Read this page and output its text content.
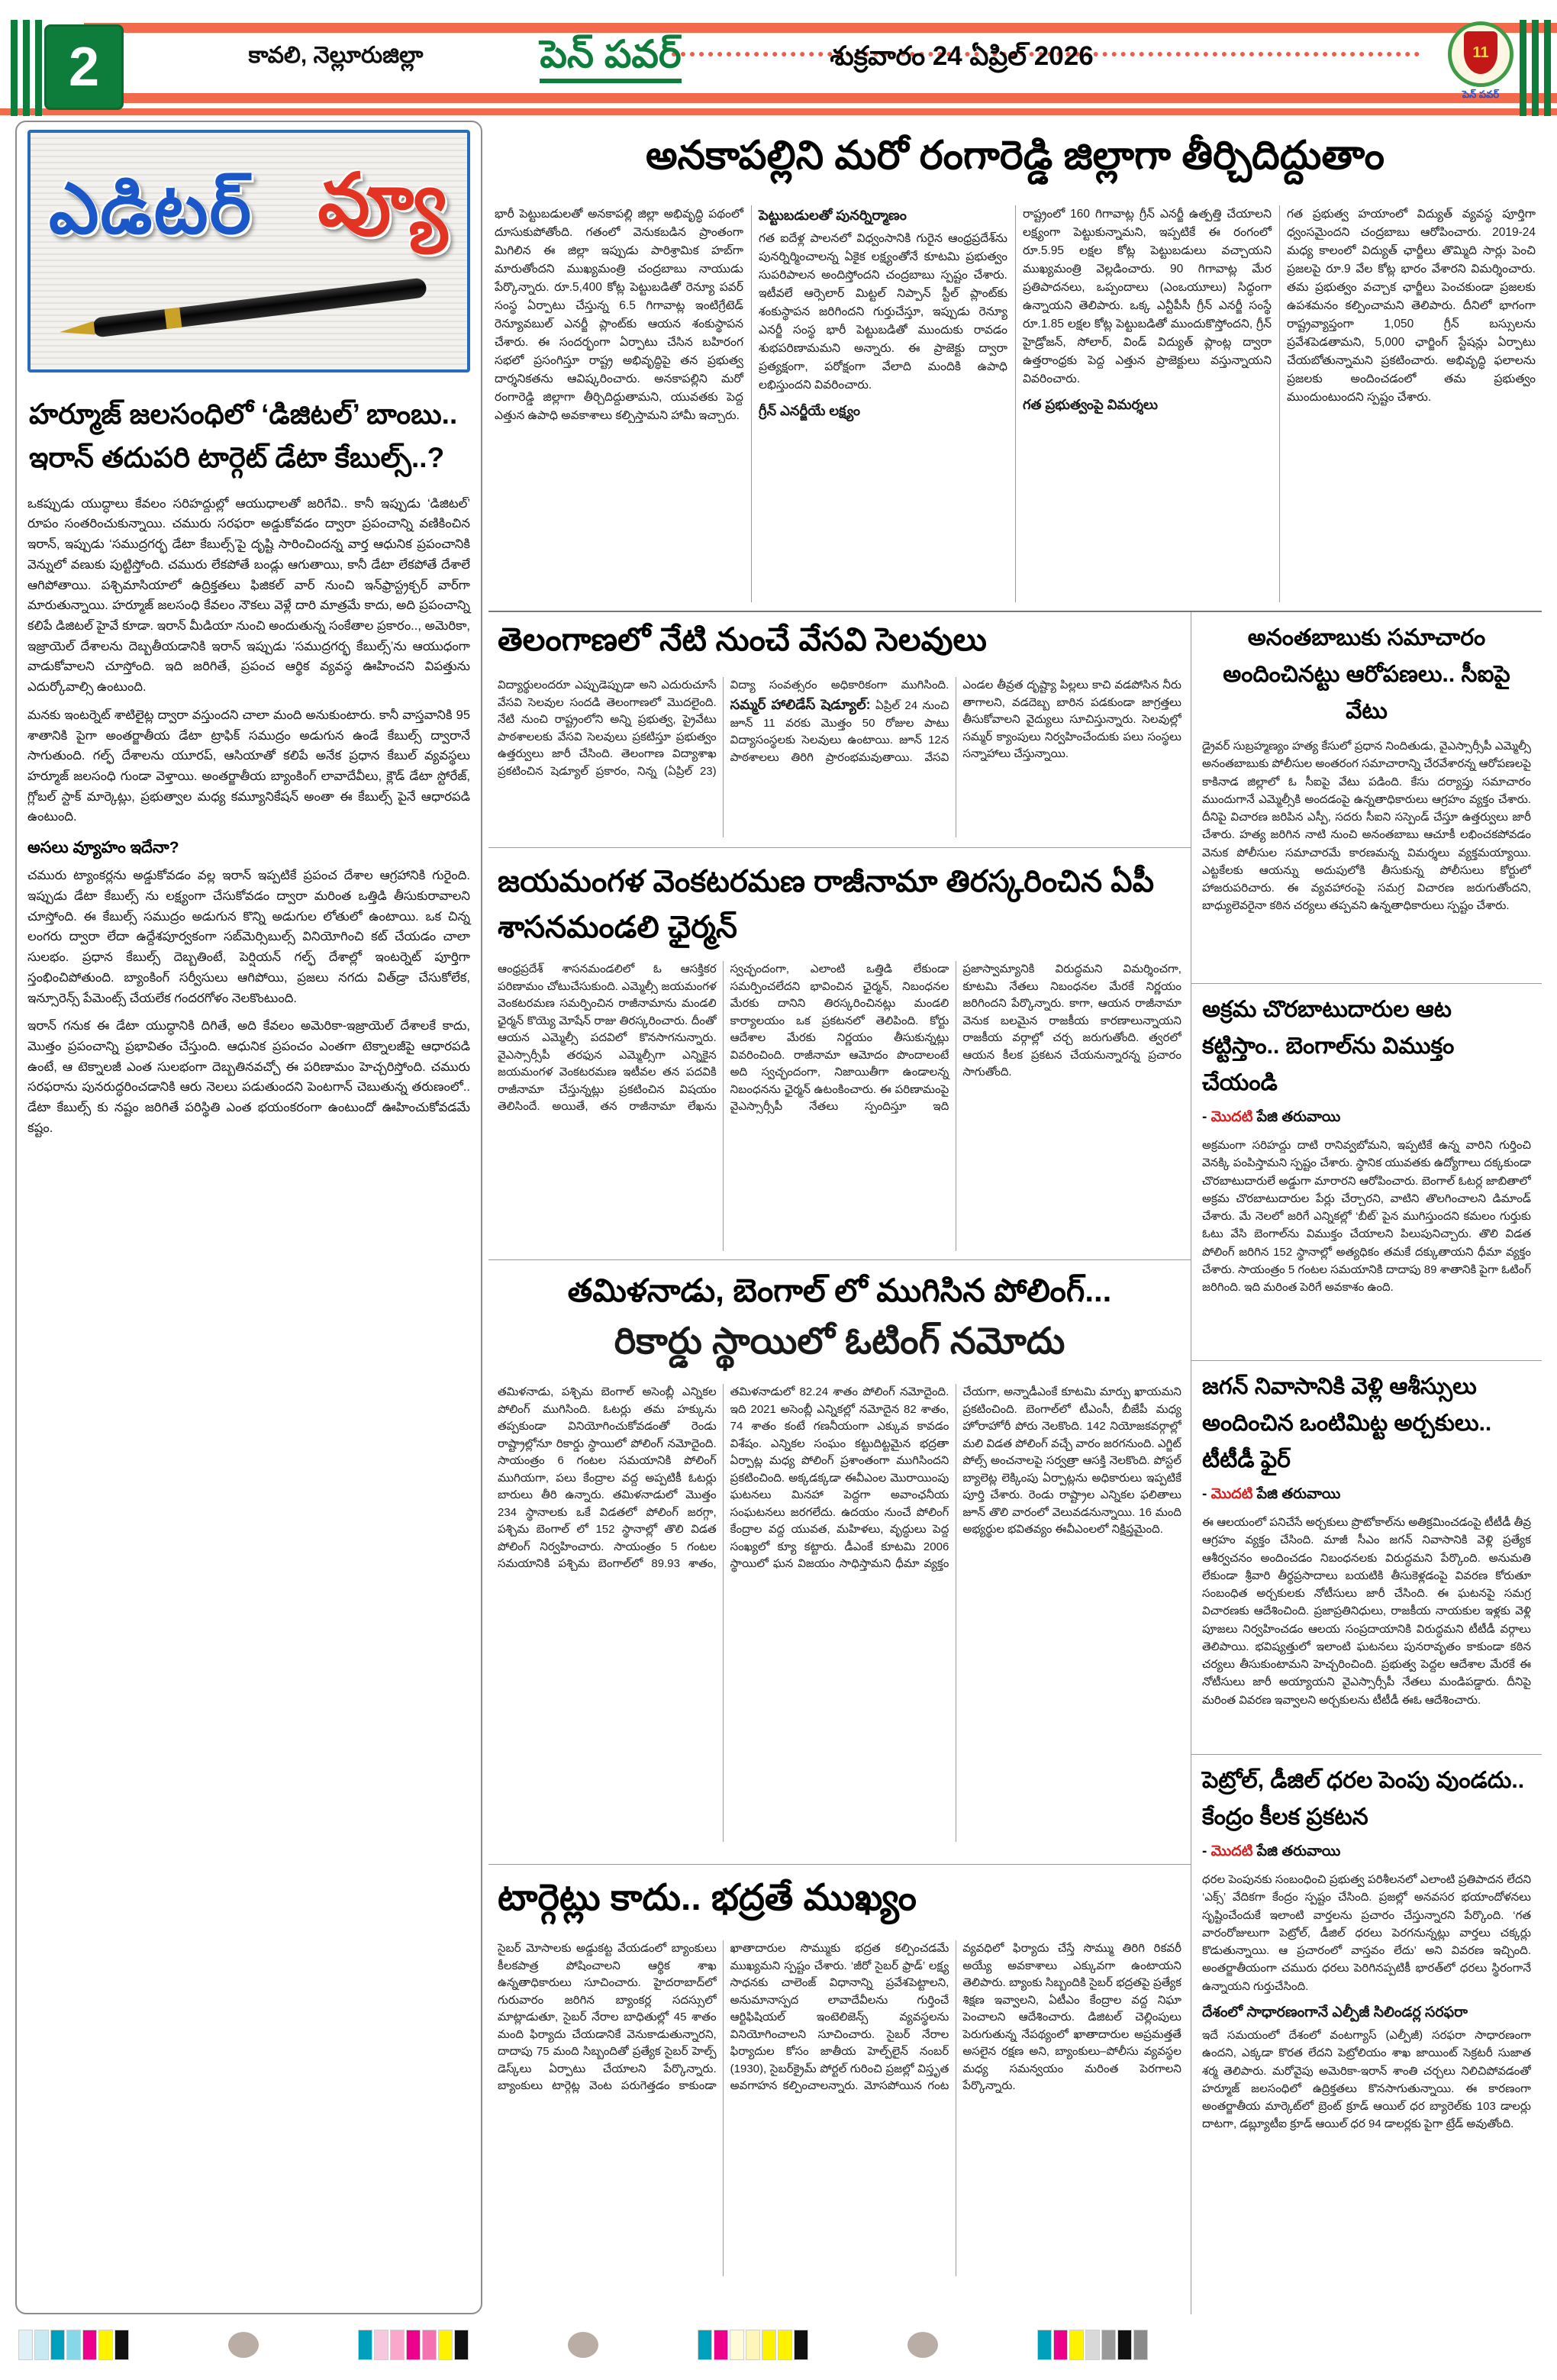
2	కావలి, నెల్లూరుజిల్లా	పెన్ పవర్	శుక్రవారం 24 ఏప్రిల్ 2026	11
పెన్ పవర్
ఎడిటర్ వ్యూ
హర్మూజ్ జలసంధిలో ‘డిజిటల్’ బాంబు.. ఇరాన్ తదుపరి టార్గెట్ డేటా కేబుల్స్..?

ఒకప్పుడు యుద్ధాలు కేవలం సరిహద్దుల్లో ఆయుధాలతో జరిగేవి.. కానీ ఇప్పుడు ‘డిజిటల్’ రూపం సంతరించుకున్నాయి. చమురు సరఫరా అడ్డుకోవడం ద్వారా ప్రపంచాన్ని వణికించిన ఇరాన్, ఇప్పుడు ‘సముద్రగర్భ డేటా కేబుల్స్’పై దృష్టి సారించిందన్న వార్త ఆధునిక ప్రపంచానికి వెన్నులో వణుకు పుట్టిస్తోంది. చమురు లేకపోతే బండ్లు ఆగుతాయి, కానీ డేటా లేకపోతే దేశాలే ఆగిపోతాయి. పశ్చిమాసియాలో ఉద్రిక్తతలు ఫిజికల్ వార్ నుంచి ఇన్‌ఫ్రాస్ట్రక్చర్ వార్‌గా మారుతున్నాయి. హర్మూజ్ జలసంధి కేవలం నౌకలు వెళ్లే దారి మాత్రమే కాదు, అది ప్రపంచాన్ని కలిపే డిజిటల్ హైవే కూడా. ఇరాన్ మీడియా నుంచి అందుతున్న సంకేతాల ప్రకారం.., అమెరికా, ఇజ్రాయెల్ దేశాలను దెబ్బతీయడానికి ఇరాన్ ఇప్పుడు ‘సముద్రగర్భ కేబుల్స్’ను ఆయుధంగా వాడుకోవాలని చూస్తోంది. ఇది జరిగితే, ప్రపంచ ఆర్థిక వ్యవస్థ ఊహించని విపత్తును ఎదుర్కోవాల్సి ఉంటుంది.

మనకు ఇంటర్నెట్ శాటిలైట్ల ద్వారా వస్తుందని చాలా మంది అనుకుంటారు. కానీ వాస్తవానికి 95 శాతానికి పైగా అంతర్జాతీయ డేటా ట్రాఫిక్ సముద్రం అడుగున ఉండే కేబుల్స్ ద్వారానే సాగుతుంది. గల్ఫ్ దేశాలను యూరప్, ఆసియాతో కలిపే అనేక ప్రధాన కేబుల్ వ్యవస్థలు హర్మూజ్ జలసంధి గుండా వెళ్తాయి. అంతర్జాతీయ బ్యాంకింగ్ లావాదేవీలు, క్లౌడ్ డేటా స్టోరేజ్, గ్లోబల్ స్టాక్ మార్కెట్లు, ప్రభుత్వాల మధ్య కమ్యూనికేషన్ అంతా ఈ కేబుల్స్ పైనే ఆధారపడి ఉంటుంది.

అసలు వ్యూహం ఇదేనా?

చమురు ట్యాంకర్లను అడ్డుకోవడం వల్ల ఇరాన్ ఇప్పటికే ప్రపంచ దేశాల ఆగ్రహానికి గురైంది. ఇప్పుడు డేటా కేబుల్స్ ను లక్ష్యంగా చేసుకోవడం ద్వారా మరింత ఒత్తిడి తీసుకురావాలని చూస్తోంది. ఈ కేబుల్స్ సముద్రం అడుగున కొన్ని అడుగుల లోతులో ఉంటాయి. ఒక చిన్న లంగరు ద్వారా లేదా ఉద్దేశపూర్వకంగా సబ్‌మెర్సిబుల్స్ వినియోగించి కట్ చేయడం చాలా సులభం. ప్రధాన కేబుల్స్ దెబ్బతింటే, పెర్షియన్ గల్ఫ్ దేశాల్లో ఇంటర్నెట్ పూర్తిగా స్తంభించిపోతుంది. బ్యాంకింగ్ సర్వీసులు ఆగిపోయి, ప్రజలు నగదు విత్‌డ్రా చేసుకోలేక, ఇన్సూరెన్స్ పేమెంట్స్ చేయలేక గందరగోళం నెలకొంటుంది.

ఇరాన్ గనుక ఈ డేటా యుద్ధానికి దిగితే, అది కేవలం అమెరికా-ఇజ్రాయెల్ దేశాలకే కాదు, మొత్తం ప్రపంచాన్ని ప్రభావితం చేస్తుంది. ఆధునిక ప్రపంచం ఎంతగా టెక్నాలజీపై ఆధారపడి ఉంటే, ఆ టెక్నాలజీ ఎంత సులభంగా దెబ్బతినవచ్చో ఈ పరిణామం హెచ్చరిస్తోంది. చమురు సరఫరాను పునరుద్ధరించడానికి ఆరు నెలలు పడుతుందని పెంటగాన్ చెబుతున్న తరుణంలో.. డేటా కేబుల్స్ కు నష్టం జరిగితే పరిస్థితి ఎంత భయంకరంగా ఉంటుందో ఊహించుకోవడమే కష్టం.

అనకాపల్లిని మరో రంగారెడ్డి జిల్లాగా తీర్చిదిద్దుతాం
భారీ పెట్టుబడులతో అనకాపల్లి జిల్లా అభివృద్ధి పథంలో దూసుకుపోతోంది. గతంలో వెనుకబడిన ప్రాంతంగా మిగిలిన ఈ జిల్లా ఇప్పుడు పారిశ్రామిక హబ్‌గా మారుతోందని ముఖ్యమంత్రి చంద్రబాబు నాయుడు పేర్కొన్నారు. రూ.5,400 కోట్ల పెట్టుబడితో రెన్యూ పవర్ సంస్థ ఏర్పాటు చేస్తున్న 6.5 గిగావాట్ల ఇంటిగ్రేటెడ్ రెన్యూవబుల్ ఎనర్జీ ప్లాంట్‌కు ఆయన శంకుస్థాపన చేశారు. ఈ సందర్భంగా ఏర్పాటు చేసిన బహిరంగ సభలో ప్రసంగిస్తూ రాష్ట్ర అభివృద్ధిపై తన ప్రభుత్వ దార్శనికతను ఆవిష్కరించారు. అనకాపల్లిని మరో రంగారెడ్డి జిల్లాగా తీర్చిదిద్దుతామని, యువతకు పెద్ద ఎత్తున ఉపాధి అవకాశాలు కల్పిస్తామని హామీ ఇచ్చారు.
పెట్టుబడులతో పునర్నిర్మాణం
గత ఐదేళ్ల పాలనలో విధ్వంసానికి గురైన ఆంధ్రప్రదేశ్‌ను పునర్నిర్మించాలన్న ఏకైక లక్ష్యంతోనే కూటమి ప్రభుత్వం సుపరిపాలన అందిస్తోందని చంద్రబాబు స్పష్టం చేశారు. ఇటీవలే ఆర్సెలార్ మిట్టల్ నిప్పాన్ స్టీల్ ప్లాంట్‌కు శంకుస్థాపన జరిగిందని గుర్తుచేస్తూ, ఇప్పుడు రెన్యూ ఎనర్జీ సంస్థ భారీ పెట్టుబడితో ముందుకు రావడం శుభపరిణామమని అన్నారు. ఈ ప్రాజెక్టు ద్వారా ప్రత్యక్షంగా, పరోక్షంగా వేలాది మందికి ఉపాధి లభిస్తుందని వివరించారు.
గ్రీన్ ఎనర్జీయే లక్ష్యం
రాష్ట్రంలో 160 గిగావాట్ల గ్రీన్ ఎనర్జీ ఉత్పత్తి చేయాలని లక్ష్యంగా పెట్టుకున్నామని, ఇప్పటికే ఈ రంగంలో రూ.5.95 లక్షల కోట్ల పెట్టుబడులు వచ్చాయని ముఖ్యమంత్రి వెల్లడించారు. 90 గిగావాట్ల మేర ప్రతిపాదనలు, ఒప్పందాలు (ఎంఒయూలు) సిద్ధంగా ఉన్నాయని తెలిపారు. ఒక్క ఎన్టీపీసీ గ్రీన్ ఎనర్జీ సంస్థే రూ.1.85 లక్షల కోట్ల పెట్టుబడితో ముందుకొస్తోందని, గ్రీన్ హైడ్రోజన్, సోలార్, విండ్ విద్యుత్ ప్లాంట్ల ద్వారా ఉత్తరాంధ్రకు పెద్ద ఎత్తున ప్రాజెక్టులు వస్తున్నాయని వివరించారు.
గత ప్రభుత్వంపై విమర్శలు
గత ప్రభుత్వ హయాంలో విద్యుత్ వ్యవస్థ పూర్తిగా ధ్వంసమైందని చంద్రబాబు ఆరోపించారు. 2019-24 మధ్య కాలంలో విద్యుత్ ఛార్జీలు తొమ్మిది సార్లు పెంచి ప్రజలపై రూ.9 వేల కోట్ల భారం వేశారని విమర్శించారు. తమ ప్రభుత్వం వచ్చాక ఛార్జీలు పెంచకుండా ప్రజలకు ఉపశమనం కల్పించామని తెలిపారు. దీనిలో భాగంగా రాష్ట్రవ్యాప్తంగా 1,050 గ్రీన్ బస్సులను ప్రవేశపెడతామని, 5,000 ఛార్జింగ్ స్టేషన్లు ఏర్పాటు చేయబోతున్నామని ప్రకటించారు. అభివృద్ధి ఫలాలను ప్రజలకు అందించడంలో తమ ప్రభుత్వం ముందుంటుందని స్పష్టం చేశారు.
తెలంగాణలో నేటి నుంచే వేసవి సెలవులు
విద్యార్థులందరూ ఎప్పుడెప్పుడా అని ఎదురుచూసే వేసవి సెలవుల సందడి తెలంగాణలో మొదలైంది. నేటి నుంచి రాష్ట్రంలోని అన్ని ప్రభుత్వ, ప్రైవేటు పాఠశాలలకు వేసవి సెలవులు ప్రకటిస్తూ ప్రభుత్వం ఉత్తర్వులు జారీ చేసింది. తెలంగాణ విద్యాశాఖ ప్రకటించిన షెడ్యూల్ ప్రకారం, నిన్న (ఏప్రిల్ 23) విద్యా సంవత్సరం అధికారికంగా ముగిసింది. సమ్మర్ హాలిడేస్ షెడ్యూల్: ఏప్రిల్ 24 నుంచి జూన్ 11 వరకు మొత్తం 50 రోజుల పాటు విద్యాసంస్థలకు సెలవులు ఉంటాయి. జూన్ 12న పాఠశాలలు తిరిగి ప్రారంభమవుతాయి. వేసవి ఎండల తీవ్రత దృష్ట్యా పిల్లలు కాచి వడపోసిన నీరు తాగాలని, వడదెబ్బ బారిన పడకుండా జాగ్రత్తలు తీసుకోవాలని వైద్యులు సూచిస్తున్నారు. సెలవుల్లో సమ్మర్ క్యాంపులు నిర్వహించేందుకు పలు సంస్థలు సన్నాహాలు చేస్తున్నాయి.
జయమంగళ వెంకటరమణ రాజీనామా తిరస్కరించిన ఏపీ శాసనమండలి ఛైర్మన్
ఆంధ్రప్రదేశ్ శాసనమండలిలో ఓ ఆసక్తికర పరిణామం చోటుచేసుకుంది. ఎమ్మెల్సీ జయమంగళ వెంకటరమణ సమర్పించిన రాజీనామాను మండలి ఛైర్మన్ కొయ్యె మోషేన్ రాజు తిరస్కరించారు. దీంతో ఆయన ఎమ్మెల్సీ పదవిలో కొనసాగనున్నారు. వైఎస్సార్సీపీ తరఫున ఎమ్మెల్సీగా ఎన్నికైన జయమంగళ వెంకటరమణ ఇటీవల తన పదవికి రాజీనామా చేస్తున్నట్లు ప్రకటించిన విషయం తెలిసిందే. అయితే, తన రాజీనామా లేఖను స్వచ్ఛందంగా, ఎలాంటి ఒత్తిడి లేకుండా సమర్పించలేదని భావించిన ఛైర్మన్, నిబంధనల మేరకు దానిని తిరస్కరించినట్లు మండలి కార్యాలయం ఒక ప్రకటనలో తెలిపింది. కోర్టు ఆదేశాల మేరకు నిర్ణయం తీసుకున్నట్లు వివరించింది. రాజీనామా ఆమోదం పొందాలంటే అది స్వచ్ఛందంగా, నిజాయితీగా ఉండాలన్న నిబంధనను ఛైర్మన్ ఉటంకించారు. ఈ పరిణామంపై వైఎస్సార్సీపీ నేతలు స్పందిస్తూ ఇది ప్రజాస్వామ్యానికి విరుద్ధమని విమర్శించగా, కూటమి నేతలు నిబంధనల మేరకే నిర్ణయం జరిగిందని పేర్కొన్నారు. కాగా, ఆయన రాజీనామా వెనుక బలమైన రాజకీయ కారణాలున్నాయని రాజకీయ వర్గాల్లో చర్చ జరుగుతోంది. త్వరలో ఆయన కీలక ప్రకటన చేయనున్నారన్న ప్రచారం సాగుతోంది.
తమిళనాడు, బెంగాల్ లో ముగిసిన పోలింగ్...
రికార్డు స్థాయిలో ఓటింగ్ నమోదు
తమిళనాడు, పశ్చిమ బెంగాల్ అసెంబ్లీ ఎన్నికల పోలింగ్ ముగిసింది. ఓటర్లు తమ హక్కును తప్పకుండా వినియోగించుకోవడంతో రెండు రాష్ట్రాల్లోనూ రికార్డు స్థాయిలో పోలింగ్ నమోదైంది. సాయంత్రం 6 గంటల సమయానికి పోలింగ్ ముగియగా, పలు కేంద్రాల వద్ద అప్పటికీ ఓటర్లు బారులు తీరి ఉన్నారు. తమిళనాడులో మొత్తం 234 స్థానాలకు ఒకే విడతలో పోలింగ్ జరగ్గా, పశ్చిమ బెంగాల్ లో 152 స్థానాల్లో తొలి విడత పోలింగ్ నిర్వహించారు. సాయంత్రం 5 గంటల సమయానికి పశ్చిమ బెంగాల్‌లో 89.93 శాతం, తమిళనాడులో 82.24 శాతం పోలింగ్ నమోదైంది. ఇది 2021 అసెంబ్లీ ఎన్నికల్లో నమోదైన 82 శాతం, 74 శాతం కంటే గణనీయంగా ఎక్కువ కావడం విశేషం. ఎన్నికల సంఘం కట్టుదిట్టమైన భద్రతా ఏర్పాట్ల మధ్య పోలింగ్ ప్రశాంతంగా ముగిసిందని ప్రకటించింది. అక్కడక్కడా ఈవీఎంల మొరాయింపు ఘటనలు మినహా పెద్దగా అవాంఛనీయ సంఘటనలు జరగలేదు. ఉదయం నుంచే పోలింగ్ కేంద్రాల వద్ద యువత, మహిళలు, వృద్ధులు పెద్ద సంఖ్యలో క్యూ కట్టారు. డీఎంకే కూటమి 2006 స్థాయిలో ఘన విజయం సాధిస్తామని ధీమా వ్యక్తం చేయగా, అన్నాడీఎంకే కూటమి మార్పు ఖాయమని ప్రకటించింది. బెంగాల్‌లో టీఎంసీ, బీజేపీ మధ్య హోరాహోరీ పోరు నెలకొంది. 142 నియోజకవర్గాల్లో మలి విడత పోలింగ్ వచ్చే వారం జరగనుంది. ఎగ్జిట్ పోల్స్ అంచనాలపై సర్వత్రా ఆసక్తి నెలకొంది. పోస్టల్ బ్యాలెట్ల లెక్కింపు ఏర్పాట్లను అధికారులు ఇప్పటికే పూర్తి చేశారు. రెండు రాష్ట్రాల ఎన్నికల ఫలితాలు జూన్ తొలి వారంలో వెలువడనున్నాయి. 16 మంది అభ్యర్థుల భవితవ్యం ఈవీఎంలలో నిక్షిప్తమైంది.
టార్గెట్లు కాదు.. భద్రతే ముఖ్యం
సైబర్ మోసాలకు అడ్డుకట్ట వేయడంలో బ్యాంకులు కీలకపాత్ర పోషించాలని ఆర్థిక శాఖ ఉన్నతాధికారులు సూచించారు. హైదరాబాద్‌లో గురువారం జరిగిన బ్యాంకర్ల సదస్సులో మాట్లాడుతూ, సైబర్ నేరాల బాధితుల్లో 45 శాతం మంది ఫిర్యాదు చేయడానికే వెనుకాడుతున్నారని, దాదాపు 75 మంది సిబ్బందితో ప్రత్యేక సైబర్ హెల్ప్ డెస్క్‌లు ఏర్పాటు చేయాలని పేర్కొన్నారు. బ్యాంకులు టార్గెట్ల వెంట పరుగెత్తడం కాకుండా ఖాతాదారుల సొమ్ముకు భద్రత కల్పించడమే ముఖ్యమని స్పష్టం చేశారు. ‘జీరో సైబర్ ఫ్రాడ్’ లక్ష్య సాధనకు చాలెంజ్ విధానాన్ని ప్రవేశపెట్టాలని, అనుమానాస్పద లావాదేవీలను గుర్తించే ఆర్టిఫిషియల్ ఇంటెలిజెన్స్ వ్యవస్థలను వినియోగించాలని సూచించారు. సైబర్ నేరాల ఫిర్యాదుల కోసం జాతీయ హెల్ప్‌లైన్ నంబర్ (1930), సైబర్‌క్రైమ్ పోర్టల్ గురించి ప్రజల్లో విస్తృత అవగాహన కల్పించాలన్నారు. మోసపోయిన గంట వ్యవధిలో ఫిర్యాదు చేస్తే సొమ్ము తిరిగి రికవరీ అయ్యే అవకాశాలు ఎక్కువగా ఉంటాయని తెలిపారు. బ్యాంకు సిబ్బందికి సైబర్ భద్రతపై ప్రత్యేక శిక్షణ ఇవ్వాలని, ఏటీఎం కేంద్రాల వద్ద నిఘా పెంచాలని ఆదేశించారు. డిజిటల్ చెల్లింపులు పెరుగుతున్న నేపథ్యంలో ఖాతాదారుల అప్రమత్తతే అసలైన రక్షణ అని, బ్యాంకులు–పోలీసు వ్యవస్థల మధ్య సమన్వయం మరింత పెరగాలని పేర్కొన్నారు.
అనంతబాబుకు సమాచారం అందించినట్టు ఆరోపణలు.. సీఐపై వేటు
డ్రైవర్ సుబ్రహ్మణ్యం హత్య కేసులో ప్రధాన నిందితుడు, వైఎస్సార్సీపీ ఎమ్మెల్సీ అనంతబాబుకు పోలీసుల అంతరంగ సమాచారాన్ని చేరవేశారన్న ఆరోపణలపై కాకినాడ జిల్లాలో ఓ సీఐపై వేటు పడింది. కేసు దర్యాప్తు సమాచారం ముందుగానే ఎమ్మెల్సీకి అందడంపై ఉన్నతాధికారులు ఆగ్రహం వ్యక్తం చేశారు. దీనిపై విచారణ జరిపిన ఎస్పీ, సదరు సీఐని సస్పెండ్ చేస్తూ ఉత్తర్వులు జారీ చేశారు. హత్య జరిగిన నాటి నుంచి అనంతబాబు ఆచూకీ లభించకపోవడం వెనుక పోలీసుల సమాచారమే కారణమన్న విమర్శలు వ్యక్తమయ్యాయి. ఎట్టకేలకు ఆయన్ను అదుపులోకి తీసుకున్న పోలీసులు కోర్టులో హాజరుపరిచారు. ఈ వ్యవహారంపై సమగ్ర విచారణ జరుగుతోందని, బాధ్యులెవరైనా కఠిన చర్యలు తప్పవని ఉన్నతాధికారులు స్పష్టం చేశారు.
అక్రమ చొరబాటుదారుల ఆట కట్టిస్తాం.. బెంగాల్‌ను విముక్తం చేయండి
- మొదటి పేజి తరువాయి
అక్రమంగా సరిహద్దు దాటి రానివ్వబోమని, ఇప్పటికే ఉన్న వారిని గుర్తించి వెనక్కి పంపిస్తామని స్పష్టం చేశారు. స్థానిక యువతకు ఉద్యోగాలు దక్కకుండా చొరబాటుదారులే అడ్డుగా మారారని ఆరోపించారు. బెంగాల్ ఓటర్ల జాబితాలో అక్రమ చొరబాటుదారుల పేర్లు చేర్చారని, వాటిని తొలగించాలని డిమాండ్ చేశారు. మే నెలలో జరిగే ఎన్నికల్లో ‘బీట్’ పైన ముగిస్తుందని కమలం గుర్తుకు ఓటు వేసి బెంగాల్‌ను విముక్తం చేయాలని పిలుపునిచ్చారు. తొలి విడత పోలింగ్ జరిగిన 152 స్థానాల్లో అత్యధికం తమకే దక్కుతాయని ధీమా వ్యక్తం చేశారు. సాయంత్రం 5 గంటల సమయానికి దాదాపు 89 శాతానికి పైగా ఓటింగ్ జరిగింది. ఇది మరింత పెరిగే అవకాశం ఉంది.
జగన్ నివాసానికి వెళ్లి ఆశీస్సులు అందించిన ఒంటిమిట్ట అర్చకులు.. టీటీడీ ఫైర్
- మొదటి పేజి తరువాయి
ఈ ఆలయంలో పనిచేసే అర్చకులు ప్రొటోకాల్‌ను అతిక్రమించడంపై టీటీడీ తీవ్ర ఆగ్రహం వ్యక్తం చేసింది. మాజీ సీఎం జగన్ నివాసానికి వెళ్లి ప్రత్యేక ఆశీర్వచనం అందించడం నిబంధనలకు విరుద్ధమని పేర్కొంది. అనుమతి లేకుండా శ్రీవారి తీర్థప్రసాదాలు బయటికి తీసుకెళ్లడంపై వివరణ కోరుతూ సంబంధిత అర్చకులకు నోటీసులు జారీ చేసింది. ఈ ఘటనపై సమగ్ర విచారణకు ఆదేశించింది. ప్రజాప్రతినిధులు, రాజకీయ నాయకుల ఇళ్లకు వెళ్లి పూజలు నిర్వహించడం ఆలయ సంప్రదాయానికి విరుద్ధమని టీటీడీ వర్గాలు తెలిపాయి. భవిష్యత్తులో ఇలాంటి ఘటనలు పునరావృతం కాకుండా కఠిన చర్యలు తీసుకుంటామని హెచ్చరించింది. ప్రభుత్వ పెద్దల ఆదేశాల మేరకే ఈ నోటీసులు జారీ అయ్యాయని వైఎస్సార్సీపీ నేతలు మండిపడ్డారు. దీనిపై మరింత వివరణ ఇవ్వాలని అర్చకులను టీటీడీ ఈఓ ఆదేశించారు.
పెట్రోల్, డీజిల్ ధరల పెంపు వుండదు.. కేంద్రం కీలక ప్రకటన
- మొదటి పేజి తరువాయి
ధరల పెంపునకు సంబంధించి ప్రభుత్వ పరిశీలనలో ఎలాంటి ప్రతిపాదన లేదని ‘ఎక్స్’ వేదికగా కేంద్రం స్పష్టం చేసింది. ప్రజల్లో అనవసర భయాందోళనలు సృష్టించేందుకే ఇలాంటి వార్తలను ప్రచారం చేస్తున్నారని పేర్కొంది. ‘గత వారంరోజులుగా పెట్రోల్, డీజిల్ ధరలు పెరగనున్నట్లు వార్తలు చక్కర్లు కొడుతున్నాయి. ఆ ప్రచారంలో వాస్తవం లేదు’ అని వివరణ ఇచ్చింది. అంతర్జాతీయంగా చమురు ధరలు పెరిగినప్పటికీ భారత్‌లో ధరలు స్థిరంగానే ఉన్నాయని గుర్తుచేసింది.
దేశంలో సాధారణంగానే ఎల్పీజీ సిలిండర్ల సరఫరా
ఇదే సమయంలో దేశంలో వంటగ్యాస్ (ఎల్పీజీ) సరఫరా సాధారణంగా ఉందని, ఎక్కడా కొరత లేదని పెట్రోలియం శాఖ జాయింట్ సెక్రటరీ సుజాత శర్మ తెలిపారు. మరోవైపు అమెరికా-ఇరాన్ శాంతి చర్చలు నిలిచిపోవడంతో హర్మూజ్ జలసంధిలో ఉద్రిక్తతలు కొనసాగుతున్నాయి. ఈ కారణంగా అంతర్జాతీయ మార్కెట్‌లో బ్రెంట్ క్రూడ్ ఆయిల్ ధర బ్యారెల్‌కు 103 డాలర్లు దాటగా, డబ్ల్యూటీఐ క్రూడ్ ఆయిల్ ధర 94 డాలర్లకు పైగా ట్రేడ్ అవుతోంది.
